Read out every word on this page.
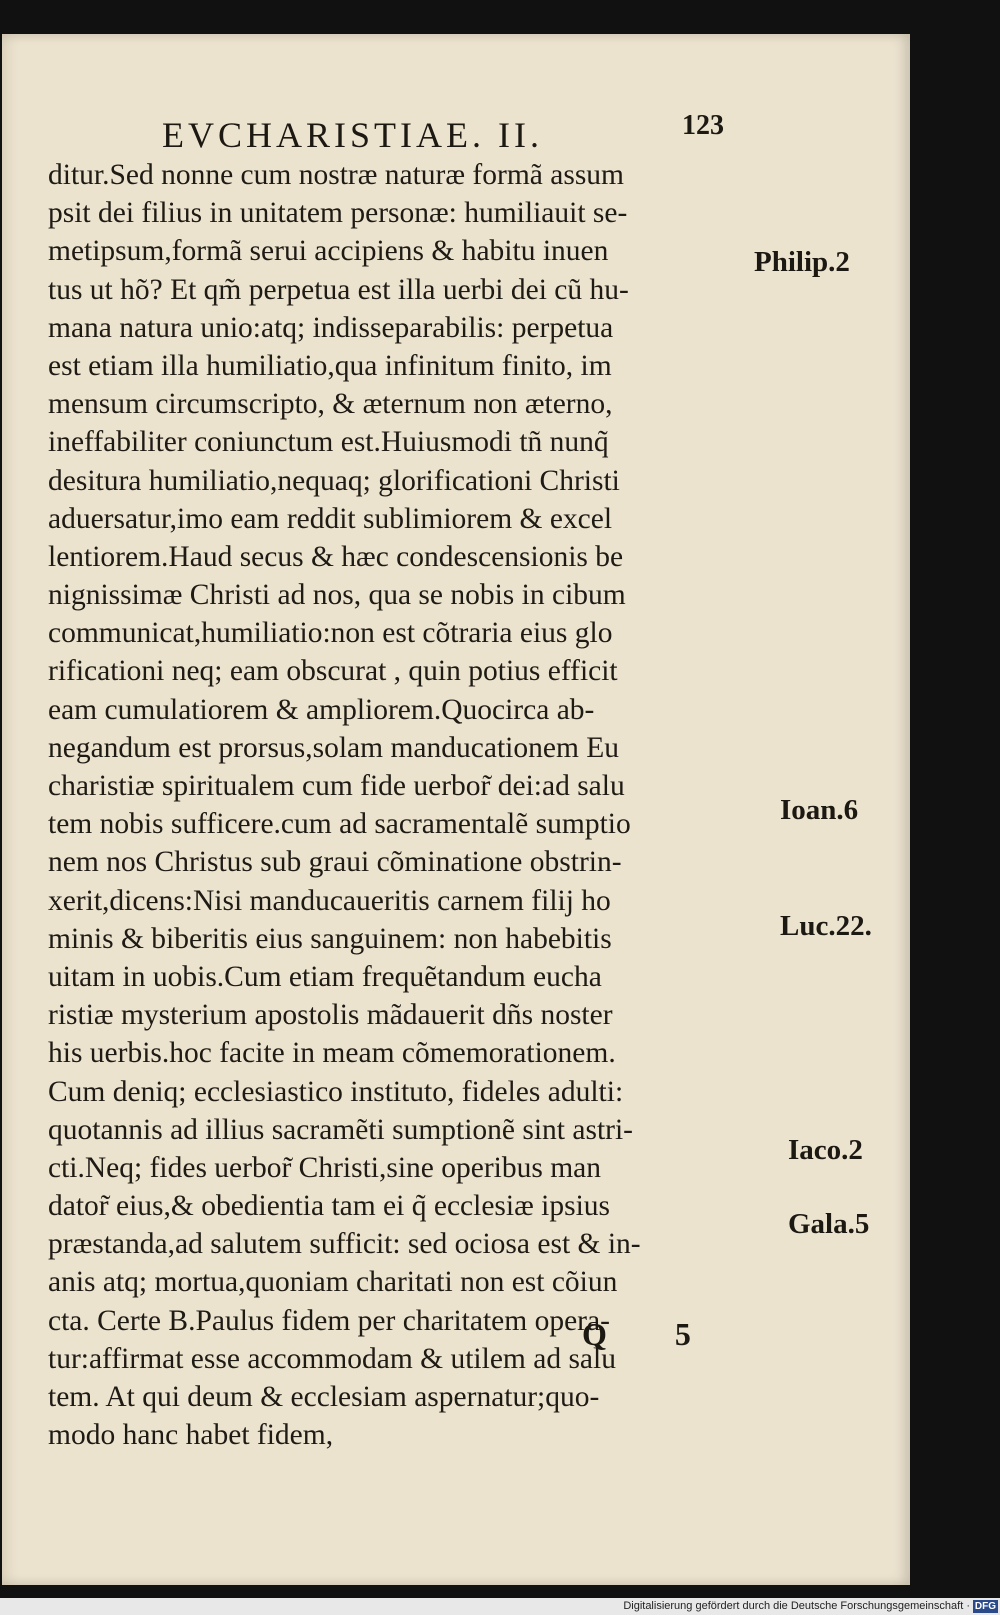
EVCHARISTIAE. II.	123
ditur.Sed nonne cum nostræ naturæ formã assum
psit dei filius in unitatem personæ: humiliauit se-
metipsum,formã serui accipiens & habitu inuen
tus ut hõ? Et qm̃ perpetua est illa uerbi dei cũ hu-
mana natura unio:atq; indisseparabilis: perpetua
est etiam illa humiliatio,qua infinitum finito, im
mensum circumscripto, & æternum non æterno,
ineffabiliter coniunctum est.Huiusmodi tñ nunq̃
desitura humiliatio,nequaq; glorificationi Christi
aduersatur,imo eam reddit sublimiorem & excel
lentiorem.Haud secus & hæc condescensionis be
nignissimæ Christi ad nos, qua se nobis in cibum
communicat,humiliatio:non est cõtraria eius glo
rificationi neq; eam obscurat , quin potius efficit
eam cumulatiorem & ampliorem.Quocirca ab-
negandum est prorsus,solam manducationem Eu
charistiæ spiritualem cum fide uerbor̃ dei:ad salu
tem nobis sufficere.cum ad sacramentalẽ sumptio
nem nos Christus sub graui cõminatione obstrin-
xerit,dicens:Nisi manducaueritis carnem filij ho
minis & biberitis eius sanguinem: non habebitis
uitam in uobis.Cum etiam frequẽtandum eucha
ristiæ mysterium apostolis mãdauerit dñs noster
his uerbis.hoc facite in meam cõmemorationem.
Cum deniq; ecclesiastico instituto, fideles adulti:
quotannis ad illius sacramẽti sumptionẽ sint astri-
cti.Neq; fides uerbor̃ Christi,sine operibus man
dator̃ eius,& obedientia tam ei q̃ ecclesiæ ipsius
præstanda,ad salutem sufficit: sed ociosa est & in-
anis atq; mortua,quoniam charitati non est cõiun
cta. Certe B.Paulus fidem per charitatem opera-
tur:affirmat esse accommodam & utilem ad salu
tem. At qui deum & ecclesiam aspernatur;quo-
modo hanc habet fidem,
Philip.2
Ioan.6
Luc.22.
Iaco.2
Gala.5
Q 5
Digitalisierung gefördert durch die Deutsche Forschungsgemeinschaft · DFG
